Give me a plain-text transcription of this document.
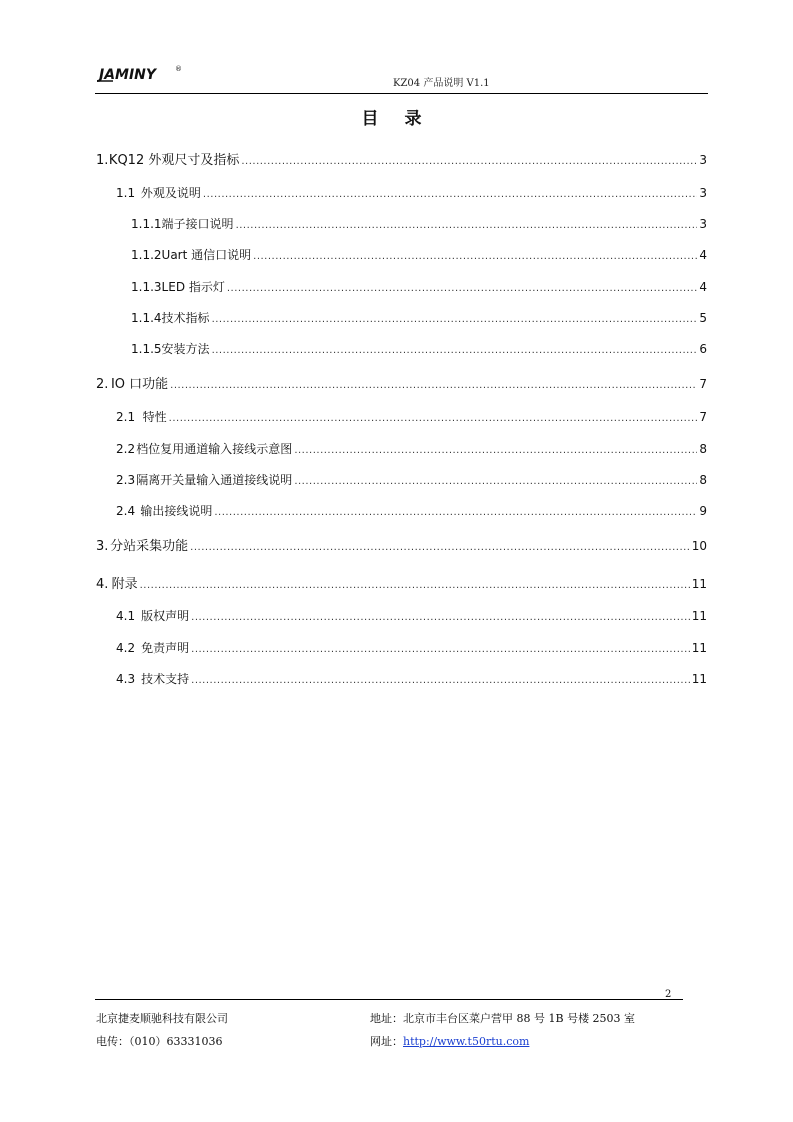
JAMINY	®
KZ04 产品说明 V1.1
目 录
1. KQ12 外观尺寸及指标 .....	3
1.1 外观及说明 .....	3
1.1.1 端子接口说明 .....	3
1.1.2 Uart 通信口说明 .....	4
1.1.3 LED 指示灯 .....	4
1.1.4 技术指标 .....	5
1.1.5 安装方法 .....	6
2. IO 口功能 .....	7
2.1 特性 .....	7
2.2 档位复用通道输入接线示意图 .....	8
2.3 隔离开关量输入通道接线说明 .....	8
2.4 输出接线说明 .....	9
3. 分站采集功能 .....	10
4. 附录 .....	11
4.1 版权声明 .....	11
4.2 免责声明 .....	11
4.3 技术支持 .....	11
2
北京捷麦顺驰科技有限公司	地址：北京市丰台区菜户营甲 88 号 1B 号楼 2503 室
电传：（010）63331036	网址：http://www.t50rtu.com
